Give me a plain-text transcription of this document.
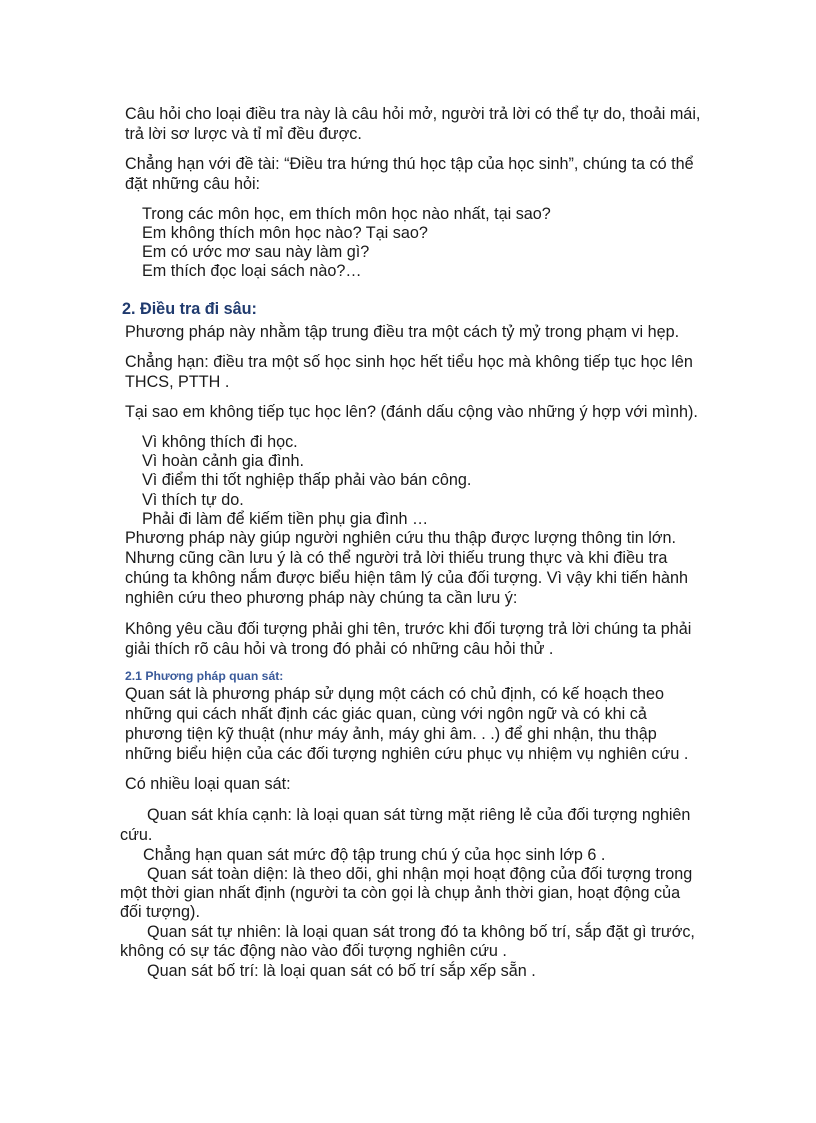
Câu hỏi cho loại điều tra này là câu hỏi mở, người trả lời có thể tự do, thoải mái,
trả lời sơ lược và tỉ mỉ đều được.
Chẳng hạn với đề tài: “Điều tra hứng thú học tập của học sinh”, chúng ta có thể
đặt những câu hỏi:
Trong các môn học, em thích môn học nào nhất, tại sao?
Em không thích môn học nào? Tại sao?
Em có ước mơ sau này làm gì?
Em thích đọc loại sách nào?…
2. Điều tra đi sâu:
Phương pháp này nhằm tập trung điều tra một cách tỷ mỷ trong phạm vi hẹp.
Chẳng hạn: điều tra một số học sinh học hết tiểu học mà không tiếp tục học lên
THCS, PTTH .
Tại sao em không tiếp tục học lên? (đánh dấu cộng vào những ý hợp với mình).
Vì không thích đi học.
Vì hoàn cảnh gia đình.
Vì điểm thi tốt nghiệp thấp phải vào bán công.
Vì thích tự do.
Phải đi làm để kiếm tiền phụ gia đình …
Phương pháp này giúp người nghiên cứu thu thập được lượng thông tin lớn.
Nhưng cũng cần lưu ý là có thể người trả lời thiếu trung thực và khi điều tra
chúng ta không nắm được biểu hiện tâm lý của đối tượng. Vì vậy khi tiến hành
nghiên cứu theo phương pháp này chúng ta cần lưu ý:
Không yêu cầu đối tượng phải ghi tên, trước khi đối tượng trả lời chúng ta phải
giải thích rõ câu hỏi và trong đó phải có những câu hỏi thử .
2.1 Phương pháp quan sát:
Quan sát là phương pháp sử dụng một cách có chủ định, có kế hoạch theo
những qui cách nhất định các giác quan, cùng với ngôn ngữ và có khi cả
phương tiện kỹ thuật (như máy ảnh, máy ghi âm. . .) để ghi nhận, thu thập
những biểu hiện của các đối tượng nghiên cứu phục vụ nhiệm vụ nghiên cứu .
Có nhiều loại quan sát:
Quan sát khía cạnh: là loại quan sát từng mặt riêng lẻ của đối tượng nghiên
cứu.
Chẳng hạn quan sát mức độ tập trung chú ý của học sinh lớp 6 .
Quan sát toàn diện: là theo dõi, ghi nhận mọi hoạt động của đối tượng trong
một thời gian nhất định (người ta còn gọi là chụp ảnh thời gian, hoạt động của
đối tượng).
Quan sát tự nhiên: là loại quan sát trong đó ta không bố trí, sắp đặt gì trước,
không có sự tác động nào vào đối tượng nghiên cứu .
Quan sát bố trí: là loại quan sát có bố trí sắp xếp sẵn .
